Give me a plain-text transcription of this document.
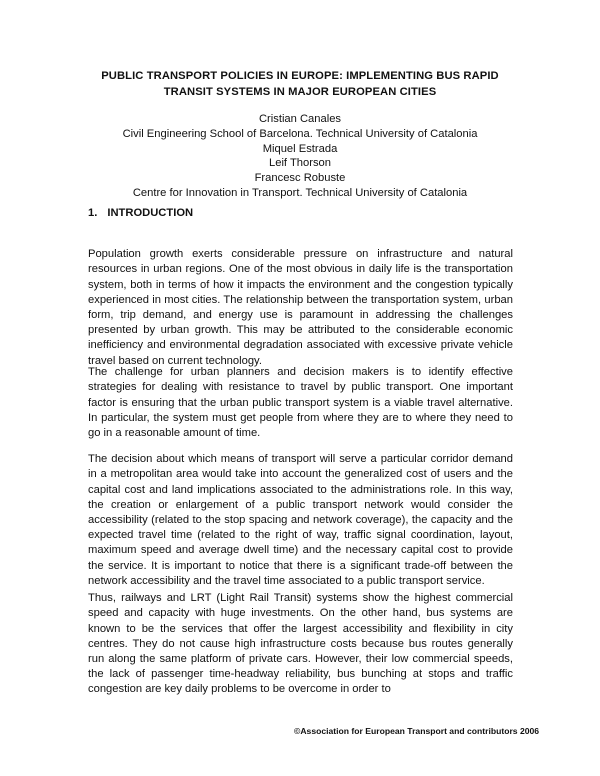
PUBLIC TRANSPORT POLICIES IN EUROPE: IMPLEMENTING BUS RAPID TRANSIT SYSTEMS IN MAJOR EUROPEAN CITIES
Cristian Canales
Civil Engineering School of Barcelona. Technical University of Catalonia
Miquel Estrada
Leif Thorson
Francesc Robuste
Centre for Innovation in Transport. Technical University of Catalonia
1. INTRODUCTION

Population growth exerts considerable pressure on infrastructure and natural resources in urban regions. One of the most obvious in daily life is the transportation system, both in terms of how it impacts the environment and the congestion typically experienced in most cities. The relationship between the transportation system, urban form, trip demand, and energy use is paramount in addressing the challenges presented by urban growth. This may be attributed to the considerable economic inefficiency and environmental degradation associated with excessive private vehicle travel based on current technology.

The challenge for urban planners and decision makers is to identify effective strategies for dealing with resistance to travel by public transport. One important factor is ensuring that the urban public transport system is a viable travel alternative. In particular, the system must get people from where they are to where they need to go in a reasonable amount of time.

The decision about which means of transport will serve a particular corridor demand in a metropolitan area would take into account the generalized cost of users and the capital cost and land implications associated to the administrations role. In this way, the creation or enlargement of a public transport network would consider the accessibility (related to the stop spacing and network coverage), the capacity and the expected travel time (related to the right of way, traffic signal coordination, layout, maximum speed and average dwell time) and the necessary capital cost to provide the service. It is important to notice that there is a significant trade-off between the network accessibility and the travel time associated to a public transport service.

Thus, railways and LRT (Light Rail Transit) systems show the highest commercial speed and capacity with huge investments. On the other hand, bus systems are known to be the services that offer the largest accessibility and flexibility in city centres. They do not cause high infrastructure costs because bus routes generally run along the same platform of private cars. However, their low commercial speeds, the lack of passenger time-headway reliability, bus bunching at stops and traffic congestion are key daily problems to be overcome in order to

©Association for European Transport and contributors 2006
